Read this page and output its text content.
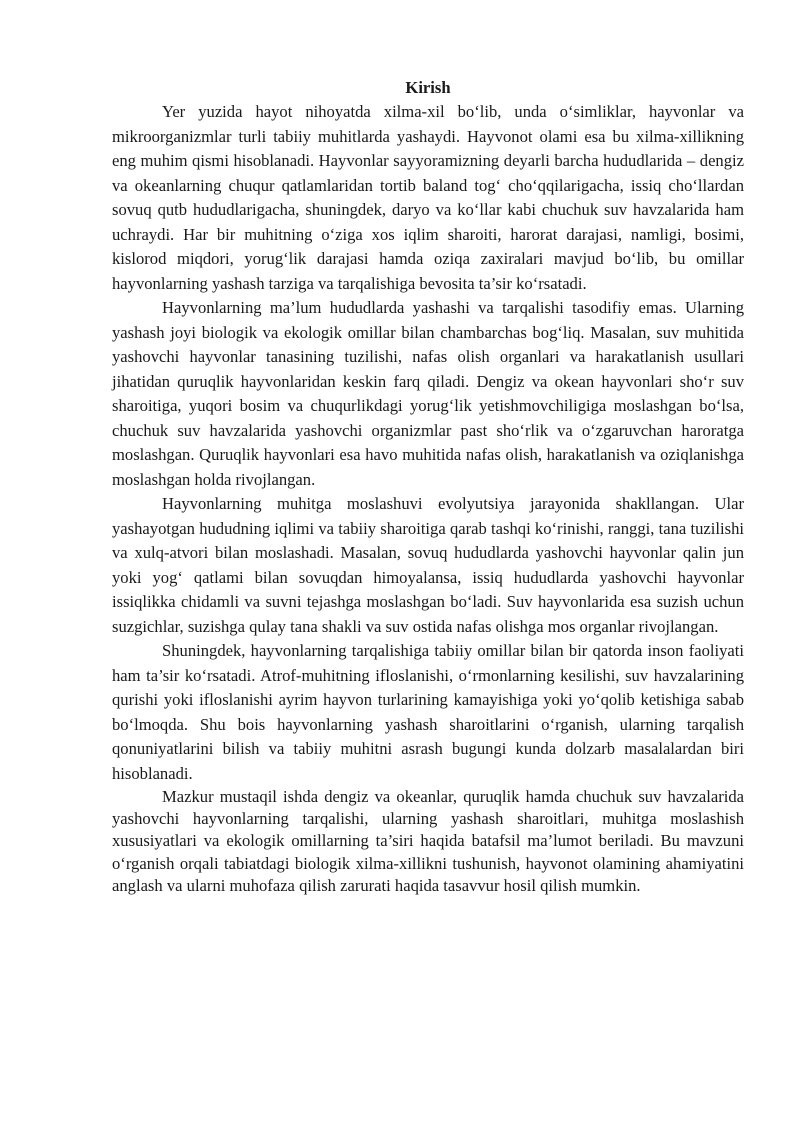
Kirish

Yer yuzida hayot nihoyatda xilma-xil bo‘lib, unda o‘simliklar, hayvonlar va mikroorganizmlar turli tabiiy muhitlarda yashaydi. Hayvonot olami esa bu xilma-xillikning eng muhim qismi hisoblanadi. Hayvonlar sayyoramizning deyarli barcha hududlarida – dengiz va okeanlarning chuqur qatlamlaridan tortib baland tog‘ cho‘qqilarigacha, issiq cho‘llardan sovuq qutb hududlarigacha, shuningdek, daryo va ko‘llar kabi chuchuk suv havzalarida ham uchraydi. Har bir muhitning o‘ziga xos iqlim sharoiti, harorat darajasi, namligi, bosimi, kislorod miqdori, yorug‘lik darajasi hamda oziqa zaxiralari mavjud bo‘lib, bu omillar hayvonlarning yashash tarziga va tarqalishiga bevosita ta’sir ko‘rsatadi.

Hayvonlarning ma’lum hududlarda yashashi va tarqalishi tasodifiy emas. Ularning yashash joyi biologik va ekologik omillar bilan chambarchas bog‘liq. Masalan, suv muhitida yashovchi hayvonlar tanasining tuzilishi, nafas olish organlari va harakatlanish usullari jihatidan quruqlik hayvonlaridan keskin farq qiladi. Dengiz va okean hayvonlari sho‘r suv sharoitiga, yuqori bosim va chuqurlikdagi yorug‘lik yetishmovchiligiga moslashgan bo‘lsa, chuchuk suv havzalarida yashovchi organizmlar past sho‘rlik va o‘zgaruvchan haroratga moslashgan. Quruqlik hayvonlari esa havo muhitida nafas olish, harakatlanish va oziqlanishga moslashgan holda rivojlangan.

Hayvonlarning muhitga moslashuvi evolyutsiya jarayonida shakllangan. Ular yashayotgan hududning iqlimi va tabiiy sharoitiga qarab tashqi ko‘rinishi, ranggi, tana tuzilishi va xulq-atvori bilan moslashadi. Masalan, sovuq hududlarda yashovchi hayvonlar qalin jun yoki yog‘ qatlami bilan sovuqdan himoyalansa, issiq hududlarda yashovchi hayvonlar issiqlikka chidamli va suvni tejashga moslashgan bo‘ladi. Suv hayvonlarida esa suzish uchun suzgichlar, suzishga qulay tana shakli va suv ostida nafas olishga mos organlar rivojlangan.

Shuningdek, hayvonlarning tarqalishiga tabiiy omillar bilan bir qatorda inson faoliyati ham ta’sir ko‘rsatadi. Atrof-muhitning ifloslanishi, o‘rmonlarning kesilishi, suv havzalarining qurishi yoki ifloslanishi ayrim hayvon turlarining kamayishiga yoki yo‘qolib ketishiga sabab bo‘lmoqda. Shu bois hayvonlarning yashash sharoitlarini o‘rganish, ularning tarqalish qonuniyatlarini bilish va tabiiy muhitni asrash bugungi kunda dolzarb masalalardan biri hisoblanadi.

Mazkur mustaqil ishda dengiz va okeanlar, quruqlik hamda chuchuk suv havzalarida yashovchi hayvonlarning tarqalishi, ularning yashash sharoitlari, muhitga moslashish xususiyatlari va ekologik omillarning ta’siri haqida batafsil ma’lumot beriladi. Bu mavzuni o‘rganish orqali tabiatdagi biologik xilma-xillikni tushunish, hayvonot olamining ahamiyatini anglash va ularni muhofaza qilish zarurati haqida tasavvur hosil qilish mumkin.
